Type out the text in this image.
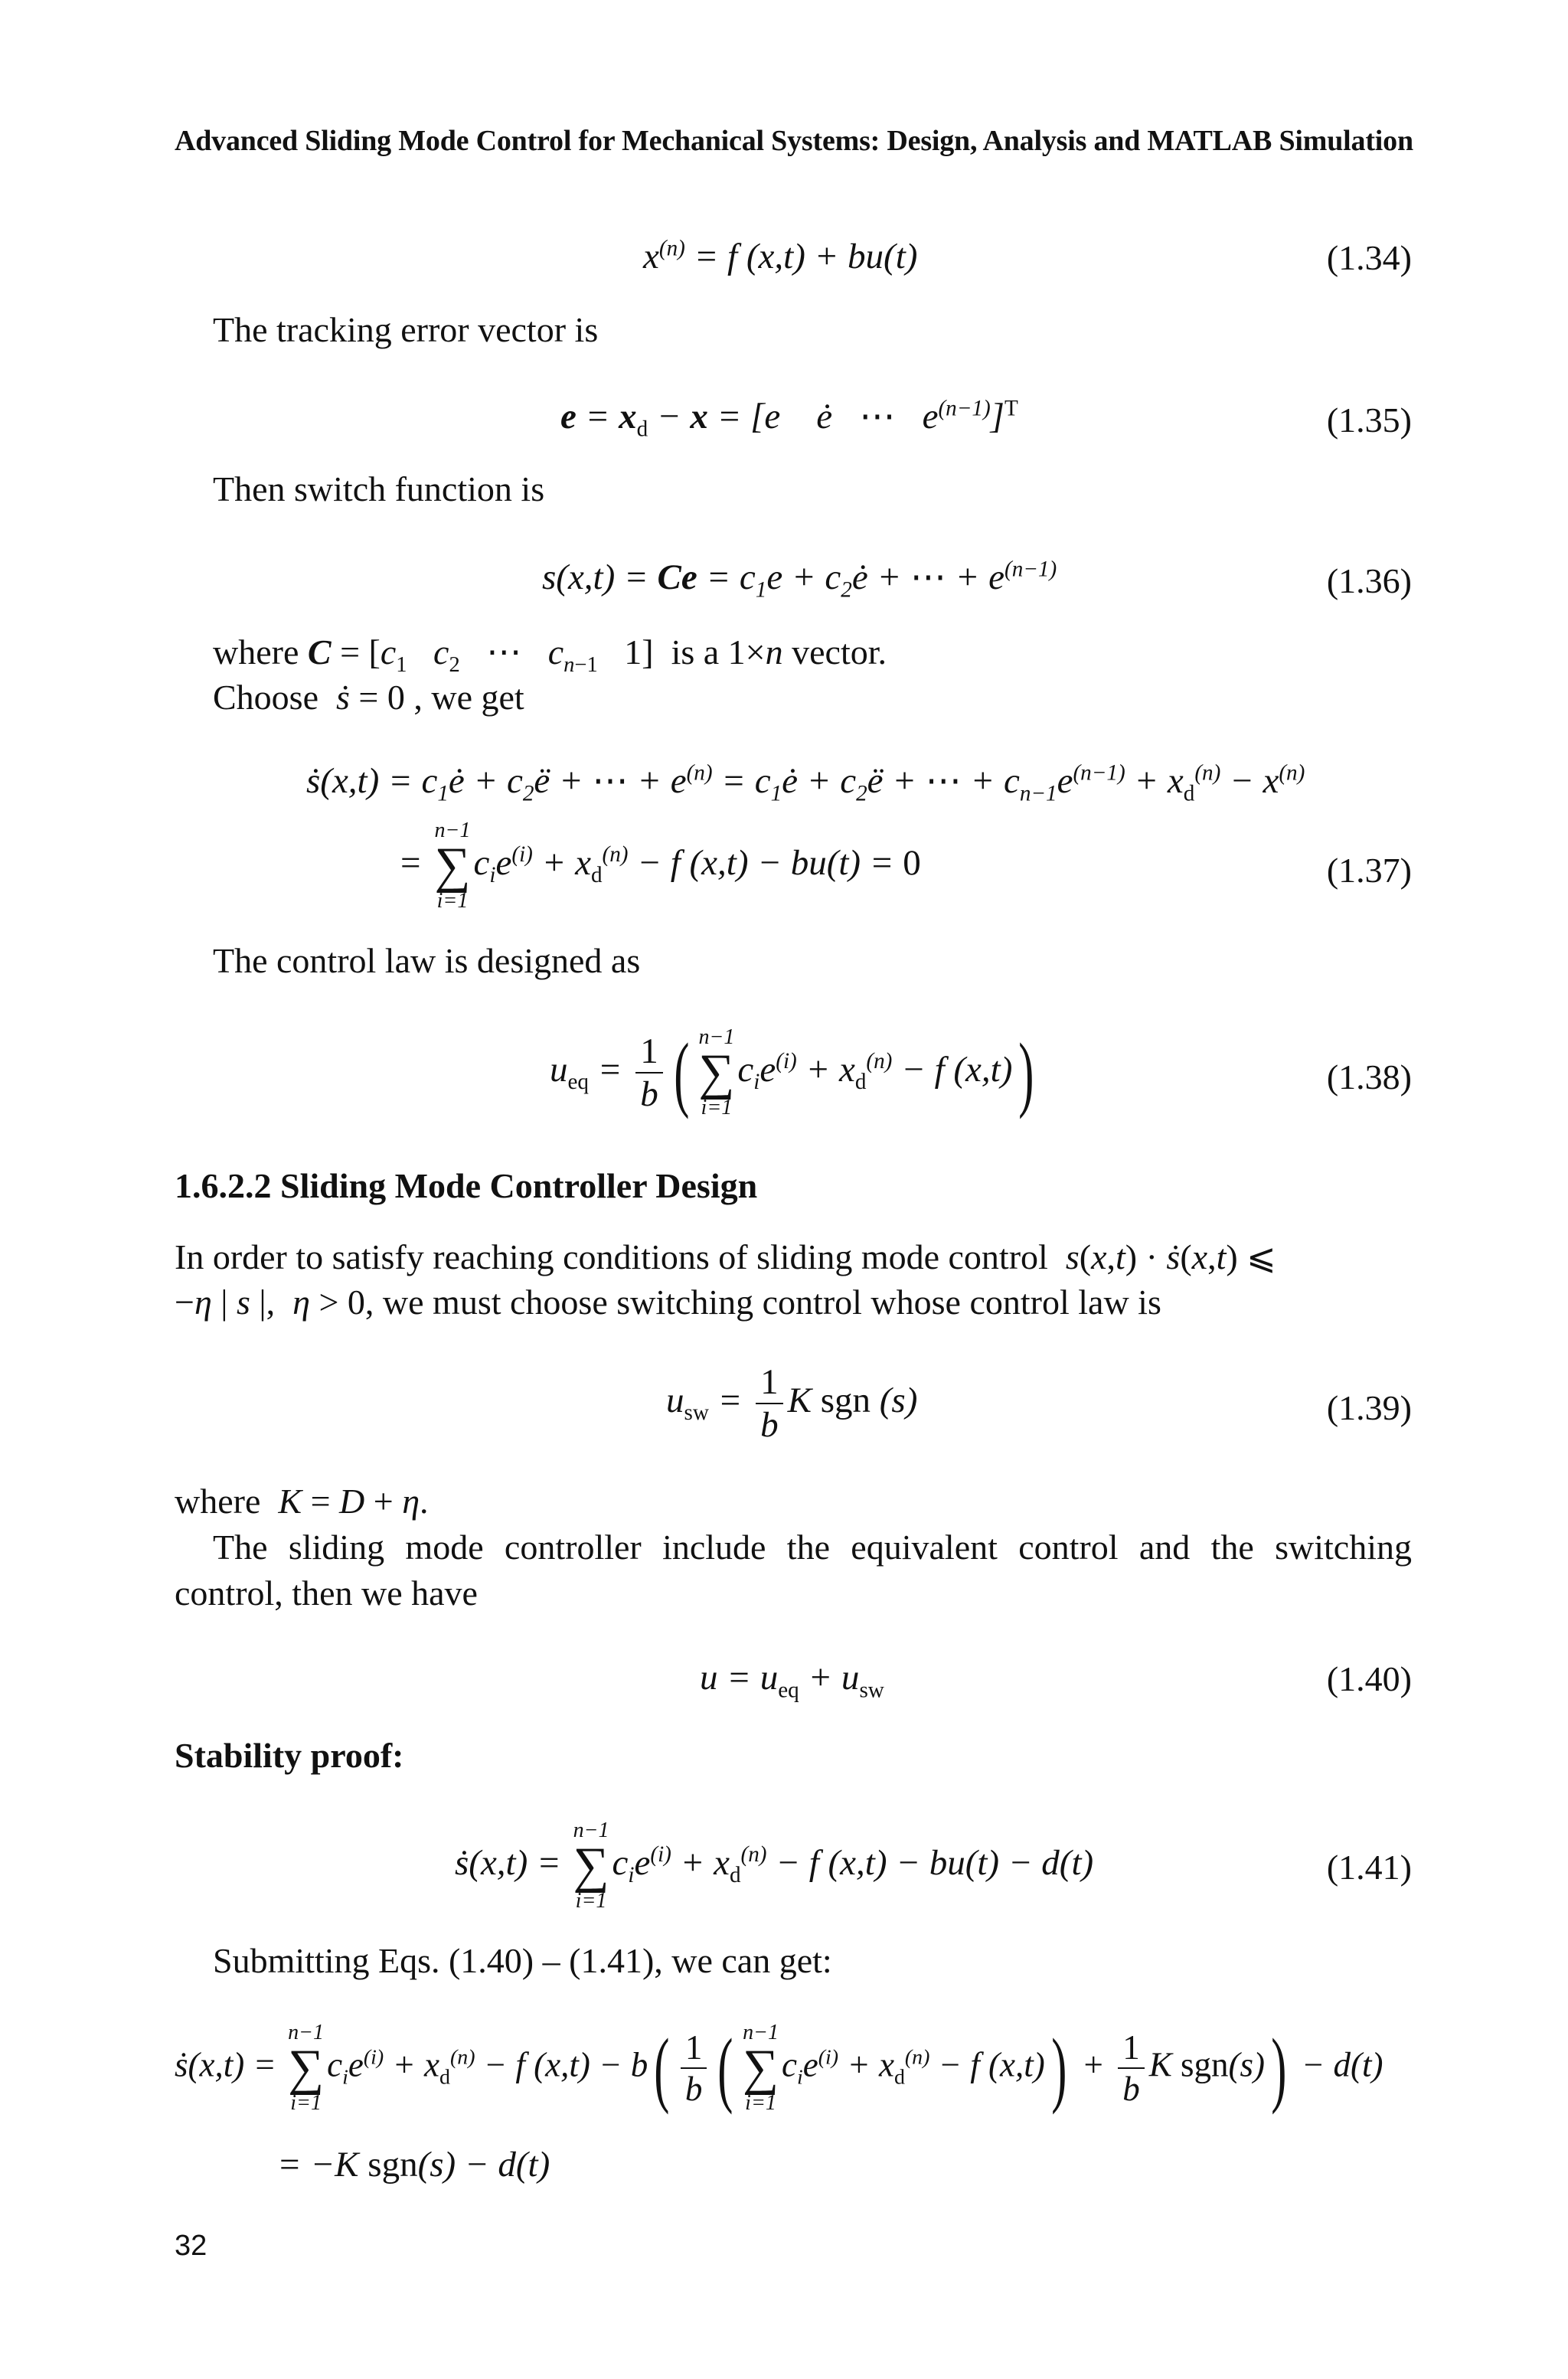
Advanced Sliding Mode Control for Mechanical Systems: Design, Analysis and MATLAB Simulation
$x^{(n)} = f$ (x,t) + bu(t)	(1.34)
The tracking error vector is
$e = x_d - x = [e$    ė   ⋯   $e^{(n-1)}]^T$	(1.35)
Then switch function is
$s(x,t) = Ce = c_1e$ + $c_2ė$ + ⋯ + $e^{(n-1)}$	(1.36)
where $C = [c_1$ $c_2$   ⋯   $c_{n-1}$   1]  is a 1×n vector.
Choose ṡ = 0 , we get
ṡ(x,t) = $c_1ė$ + $c_2ë$ + ⋯ + $e^{(n)}$ = $c_1ė$ + $c_2ë$ + ⋯ + $c_{n-1}e^{(n-1)} + x_d^{(n)} - x^{(n)}$
=
n−1
∑
i=1
$c_ie^{(i)} + x_d^{(n)} - f$ (x,t) − bu(t) = 0	(1.37)
The control law is designed as
$u_{eq} = \frac{1}{b}$ ( n−1
∑
i=1
$c_ie^{(i)} + x_d^{(n)} - f$ (x,t))	(1.38)
1.6.2.2 Sliding Mode Controller Design
In order to satisfy reaching conditions of sliding mode control s(x,t) · ṡ(x,t) ⩽
−η | s |,  η > 0, we must choose switching control whose control law is
$u_{sw} = \frac{1}{b}$ K sgn (s)	(1.39)
where K = D + η.
The sliding mode controller include the equivalent control and the switching
control, then we have
$u = u_{eq} + u_{sw}$	(1.40)
Stability proof:
ṡ(x,t) =
n−1
∑
i=1
$c_ie^{(i)} + x_d^{(n)} - f$ (x,t) − bu(t) − d(t)	(1.41)
Submitting Eqs. (1.40) – (1.41), we can get:
ṡ(x,t) =
n−1
∑
i=1
$c_ie^{(i)} + x_d^{(n)} - f$ $(x,t) - b( \frac{1}{b}$ ( n−1
∑
i=1
$c_ie^{(i)} + x_d^{(n)} - f$ $(x,t)) + \frac{1}{b}$ K sgn(s)) − d(t)
= −K sgn(s) − d(t)
32
